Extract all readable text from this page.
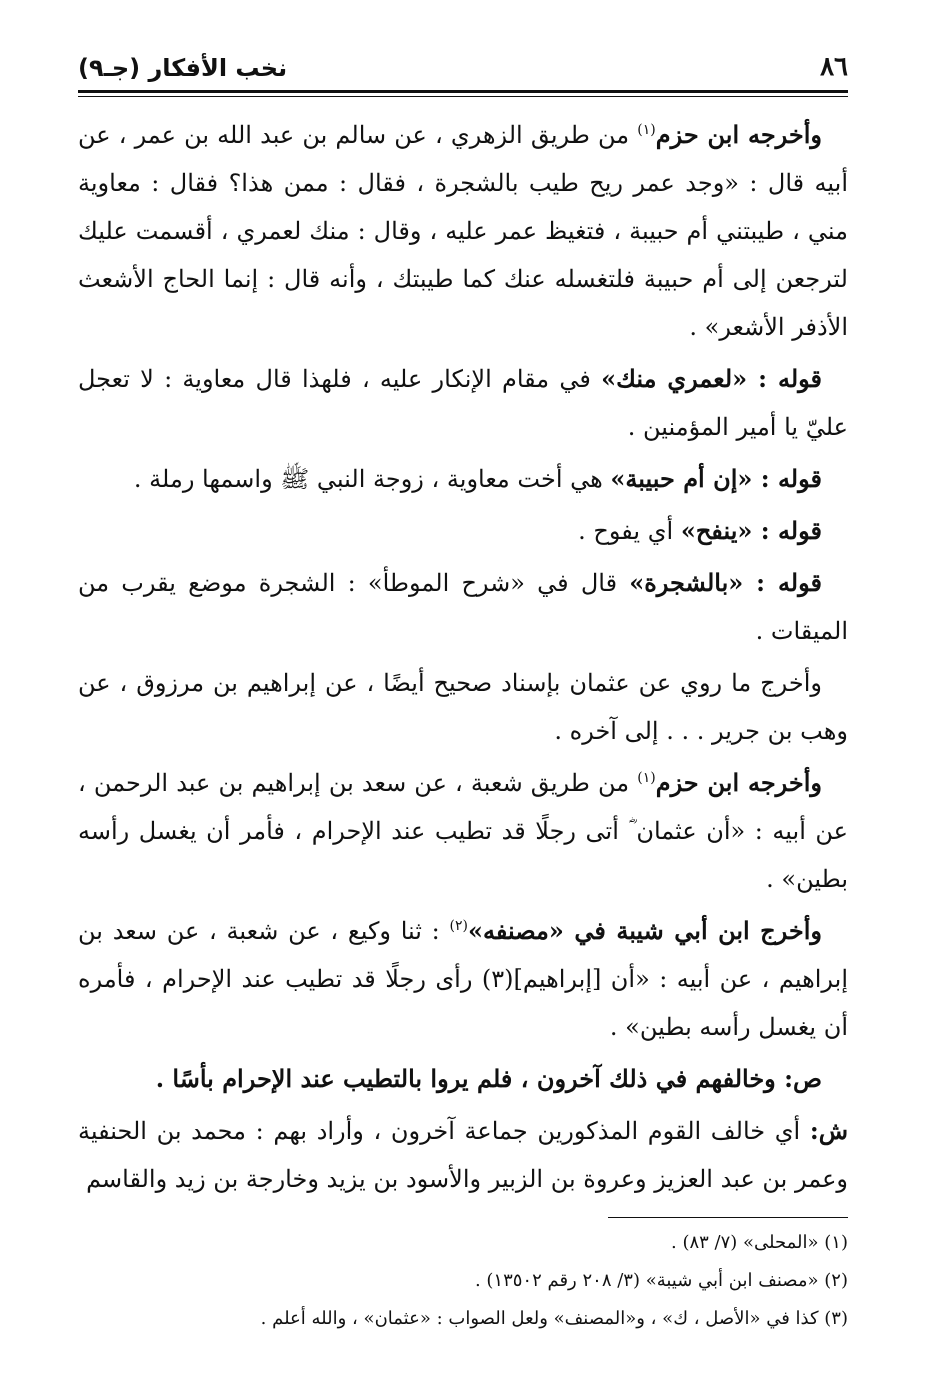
٨٦
نخب الأفكار (جـ٩)

وأخرجه ابن حزم$^{(١)}$ من طريق الزهري ، عن سالم بن عبد الله بن عمر ، عن أبيه قال : «وجد عمر ريح طيب بالشجرة ، فقال : ممن هذا؟ فقال : معاوية مني ، طيبتني أم حبيبة ، فتغيظ عمر عليه ، وقال : منك لعمري ، أقسمت عليك لترجعن إلى أم حبيبة فلتغسله عنك كما طيبتك ، وأنه قال : إنما الحاج الأشعث الأذفر الأشعر» .

قوله : «لعمري منك» في مقام الإنكار عليه ، فلهذا قال معاوية : لا تعجل عليّ يا أمير المؤمنين .

قوله : «إن أم حبيبة» هي أخت معاوية ، زوجة النبي ﷺ واسمها رملة .

قوله : «ينفح» أي يفوح .

قوله : «بالشجرة» قال في «شرح الموطأ» : الشجرة موضع يقرب من الميقات .

وأخرج ما روي عن عثمان بإسناد صحيح أيضًا ، عن إبراهيم بن مرزوق ، عن وهب بن جرير . . . إلى آخره .

وأخرجه ابن حزم$^{(١)}$ من طريق شعبة ، عن سعد بن إبراهيم بن عبد الرحمن ، عن أبيه : «أن عثمان ؓ أتى رجلًا قد تطيب عند الإحرام ، فأمر أن يغسل رأسه بطين» .

وأخرج ابن أبي شيبة في «مصنفه»$^{(٢)}$ : ثنا وكيع ، عن شعبة ، عن سعد بن إبراهيم ، عن أبيه : «أن [إبراهيم](٣) رأى رجلًا قد تطيب عند الإحرام ، فأمره أن يغسل رأسه بطين» .

ص: وخالفهم في ذلك آخرون ، فلم يروا بالتطيب عند الإحرام بأسًا .

ش: أي خالف القوم المذكورين جماعة آخرون ، وأراد بهم : محمد بن الحنفية وعمر بن عبد العزيز وعروة بن الزبير والأسود بن يزيد وخارجة بن زيد والقاسم

(١) «المحلى» (٧/ ٨٣) .

(٢) «مصنف ابن أبي شيبة» (٣/ ٢٠٨ رقم ١٣٥٠٢) .

(٣) كذا في «الأصل ، ك» ، و«المصنف» ولعل الصواب : «عثمان» ، والله أعلم .
